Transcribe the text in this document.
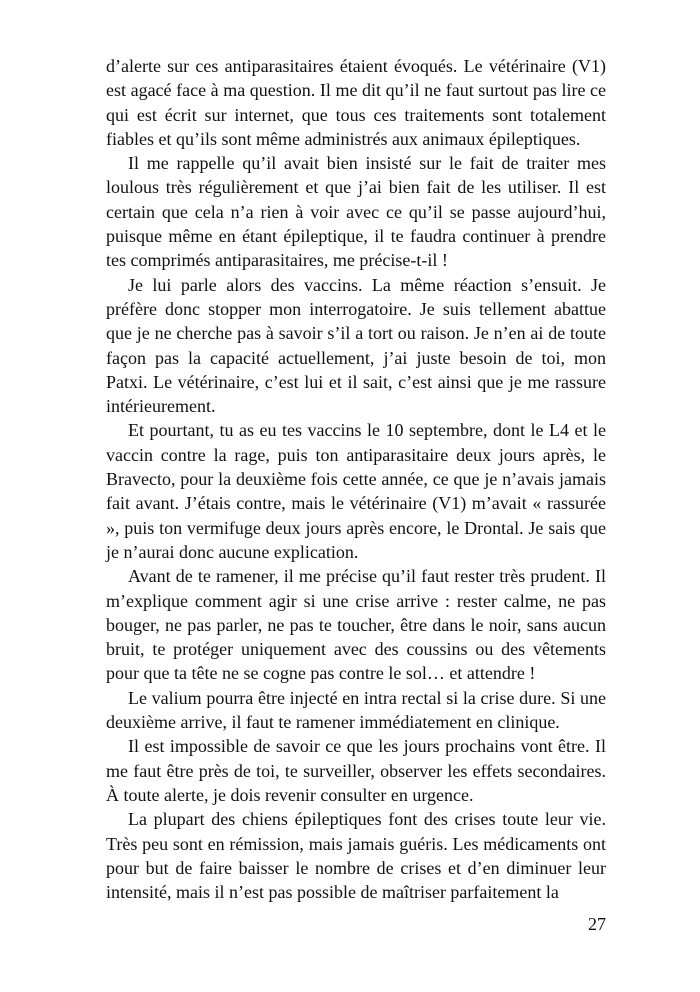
d’alerte sur ces antiparasitaires étaient évoqués. Le vétérinaire (V1) est agacé face à ma question. Il me dit qu’il ne faut surtout pas lire ce qui est écrit sur internet, que tous ces traitements sont totalement fiables et qu’ils sont même administrés aux animaux épileptiques.

Il me rappelle qu’il avait bien insisté sur le fait de traiter mes loulous très régulièrement et que j’ai bien fait de les utiliser. Il est certain que cela n’a rien à voir avec ce qu’il se passe aujourd’hui, puisque même en étant épileptique, il te faudra continuer à prendre tes comprimés antiparasitaires, me précise-t-il !

Je lui parle alors des vaccins. La même réaction s’ensuit. Je préfère donc stopper mon interrogatoire. Je suis tellement abattue que je ne cherche pas à savoir s’il a tort ou raison. Je n’en ai de toute façon pas la capacité actuellement, j’ai juste besoin de toi, mon Patxi. Le vétérinaire, c’est lui et il sait, c’est ainsi que je me rassure intérieurement.

Et pourtant, tu as eu tes vaccins le 10 septembre, dont le L4 et le vaccin contre la rage, puis ton antiparasitaire deux jours après, le Bravecto, pour la deuxième fois cette année, ce que je n’avais jamais fait avant. J’étais contre, mais le vétérinaire (V1) m’avait « rassurée », puis ton vermifuge deux jours après encore, le Drontal. Je sais que je n’aurai donc aucune explication.

Avant de te ramener, il me précise qu’il faut rester très prudent. Il m’explique comment agir si une crise arrive : rester calme, ne pas bouger, ne pas parler, ne pas te toucher, être dans le noir, sans aucun bruit, te protéger uniquement avec des coussins ou des vêtements pour que ta tête ne se cogne pas contre le sol… et attendre !

Le valium pourra être injecté en intra rectal si la crise dure. Si une deuxième arrive, il faut te ramener immédiatement en clinique.

Il est impossible de savoir ce que les jours prochains vont être. Il me faut être près de toi, te surveiller, observer les effets secondaires. À toute alerte, je dois revenir consulter en urgence.

La plupart des chiens épileptiques font des crises toute leur vie. Très peu sont en rémission, mais jamais guéris. Les médicaments ont pour but de faire baisser le nombre de crises et d’en diminuer leur intensité, mais il n’est pas possible de maîtriser parfaitement la

27
